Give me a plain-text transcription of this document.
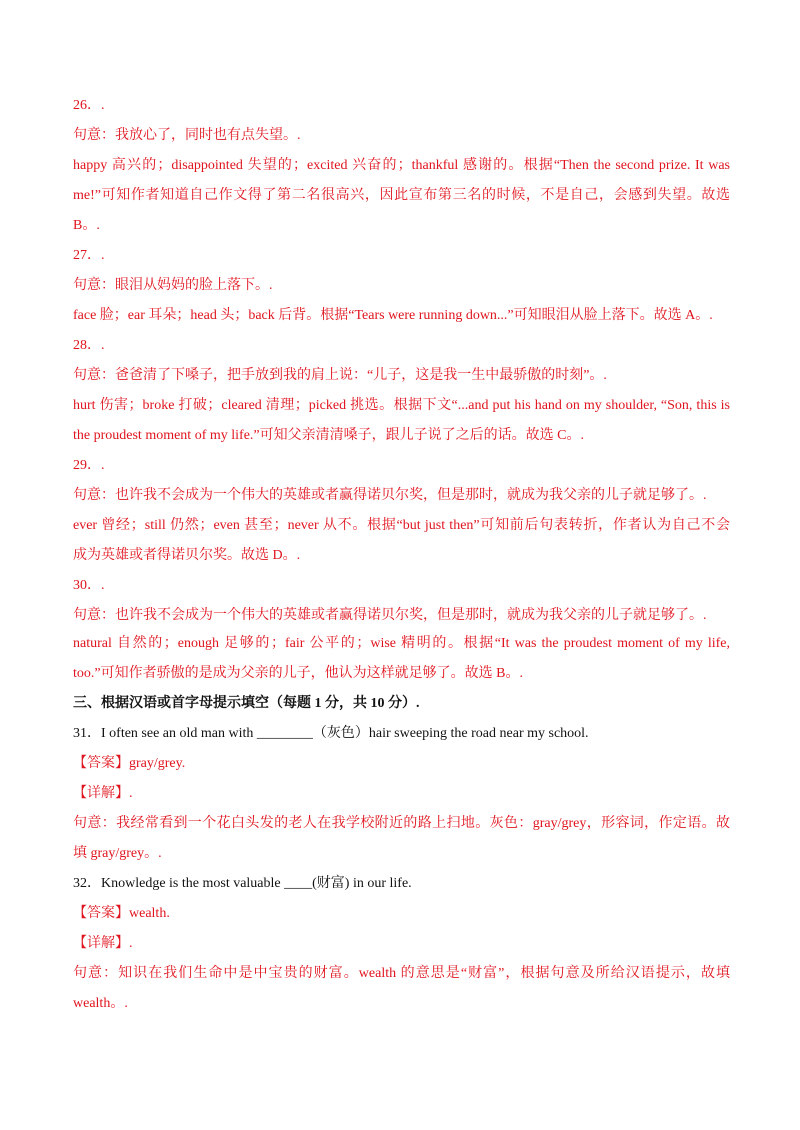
26．.
句意：我放心了，同时也有点失望。.
happy 高兴的；disappointed 失望的；excited 兴奋的；thankful 感谢的。根据“Then the second prize. It was
me!”可知作者知道自己作文得了第二名很高兴，因此宣布第三名的时候，不是自己，会感到失望。故选
B。.
27．.
句意：眼泪从妈妈的脸上落下。.
face 脸；ear 耳朵；head 头；back 后背。根据“Tears were running down...”可知眼泪从脸上落下。故选 A。.
28．.
句意：爸爸清了下嗓子，把手放到我的肩上说：“儿子，这是我一生中最骄傲的时刻”。.
hurt 伤害；broke 打破；cleared 清理；picked 挑选。根据下文“...and put his hand on my shoulder, “Son, this is
the proudest moment of my life.”可知父亲清清嗓子，跟儿子说了之后的话。故选 C。.
29．.
句意：也许我不会成为一个伟大的英雄或者赢得诺贝尔奖，但是那时，就成为我父亲的儿子就足够了。.
ever 曾经；still 仍然；even 甚至；never 从不。根据“but just then”可知前后句表转折，作者认为自己不会
成为英雄或者得诺贝尔奖。故选 D。.
30．.
句意：也许我不会成为一个伟大的英雄或者赢得诺贝尔奖，但是那时，就成为我父亲的儿子就足够了。.
natural 自然的；enough 足够的；fair 公平的；wise 精明的。根据“It was the proudest moment of my life,
too.”可知作者骄傲的是成为父亲的儿子，他认为这样就足够了。故选 B。.
三、根据汉语或首字母提示填空（每题 1 分，共 10 分）.
31．I often see an old man with ________（灰色）hair sweeping the road near my school.
【答案】gray/grey.
【详解】.
句意：我经常看到一个花白头发的老人在我学校附近的路上扫地。灰色：gray/grey，形容词，作定语。故
填 gray/grey。.
32．Knowledge is the most valuable ____(财富) in our life.
【答案】wealth.
【详解】.
句意：知识在我们生命中是中宝贵的财富。wealth 的意思是“财富”，根据句意及所给汉语提示，故填
wealth。.
